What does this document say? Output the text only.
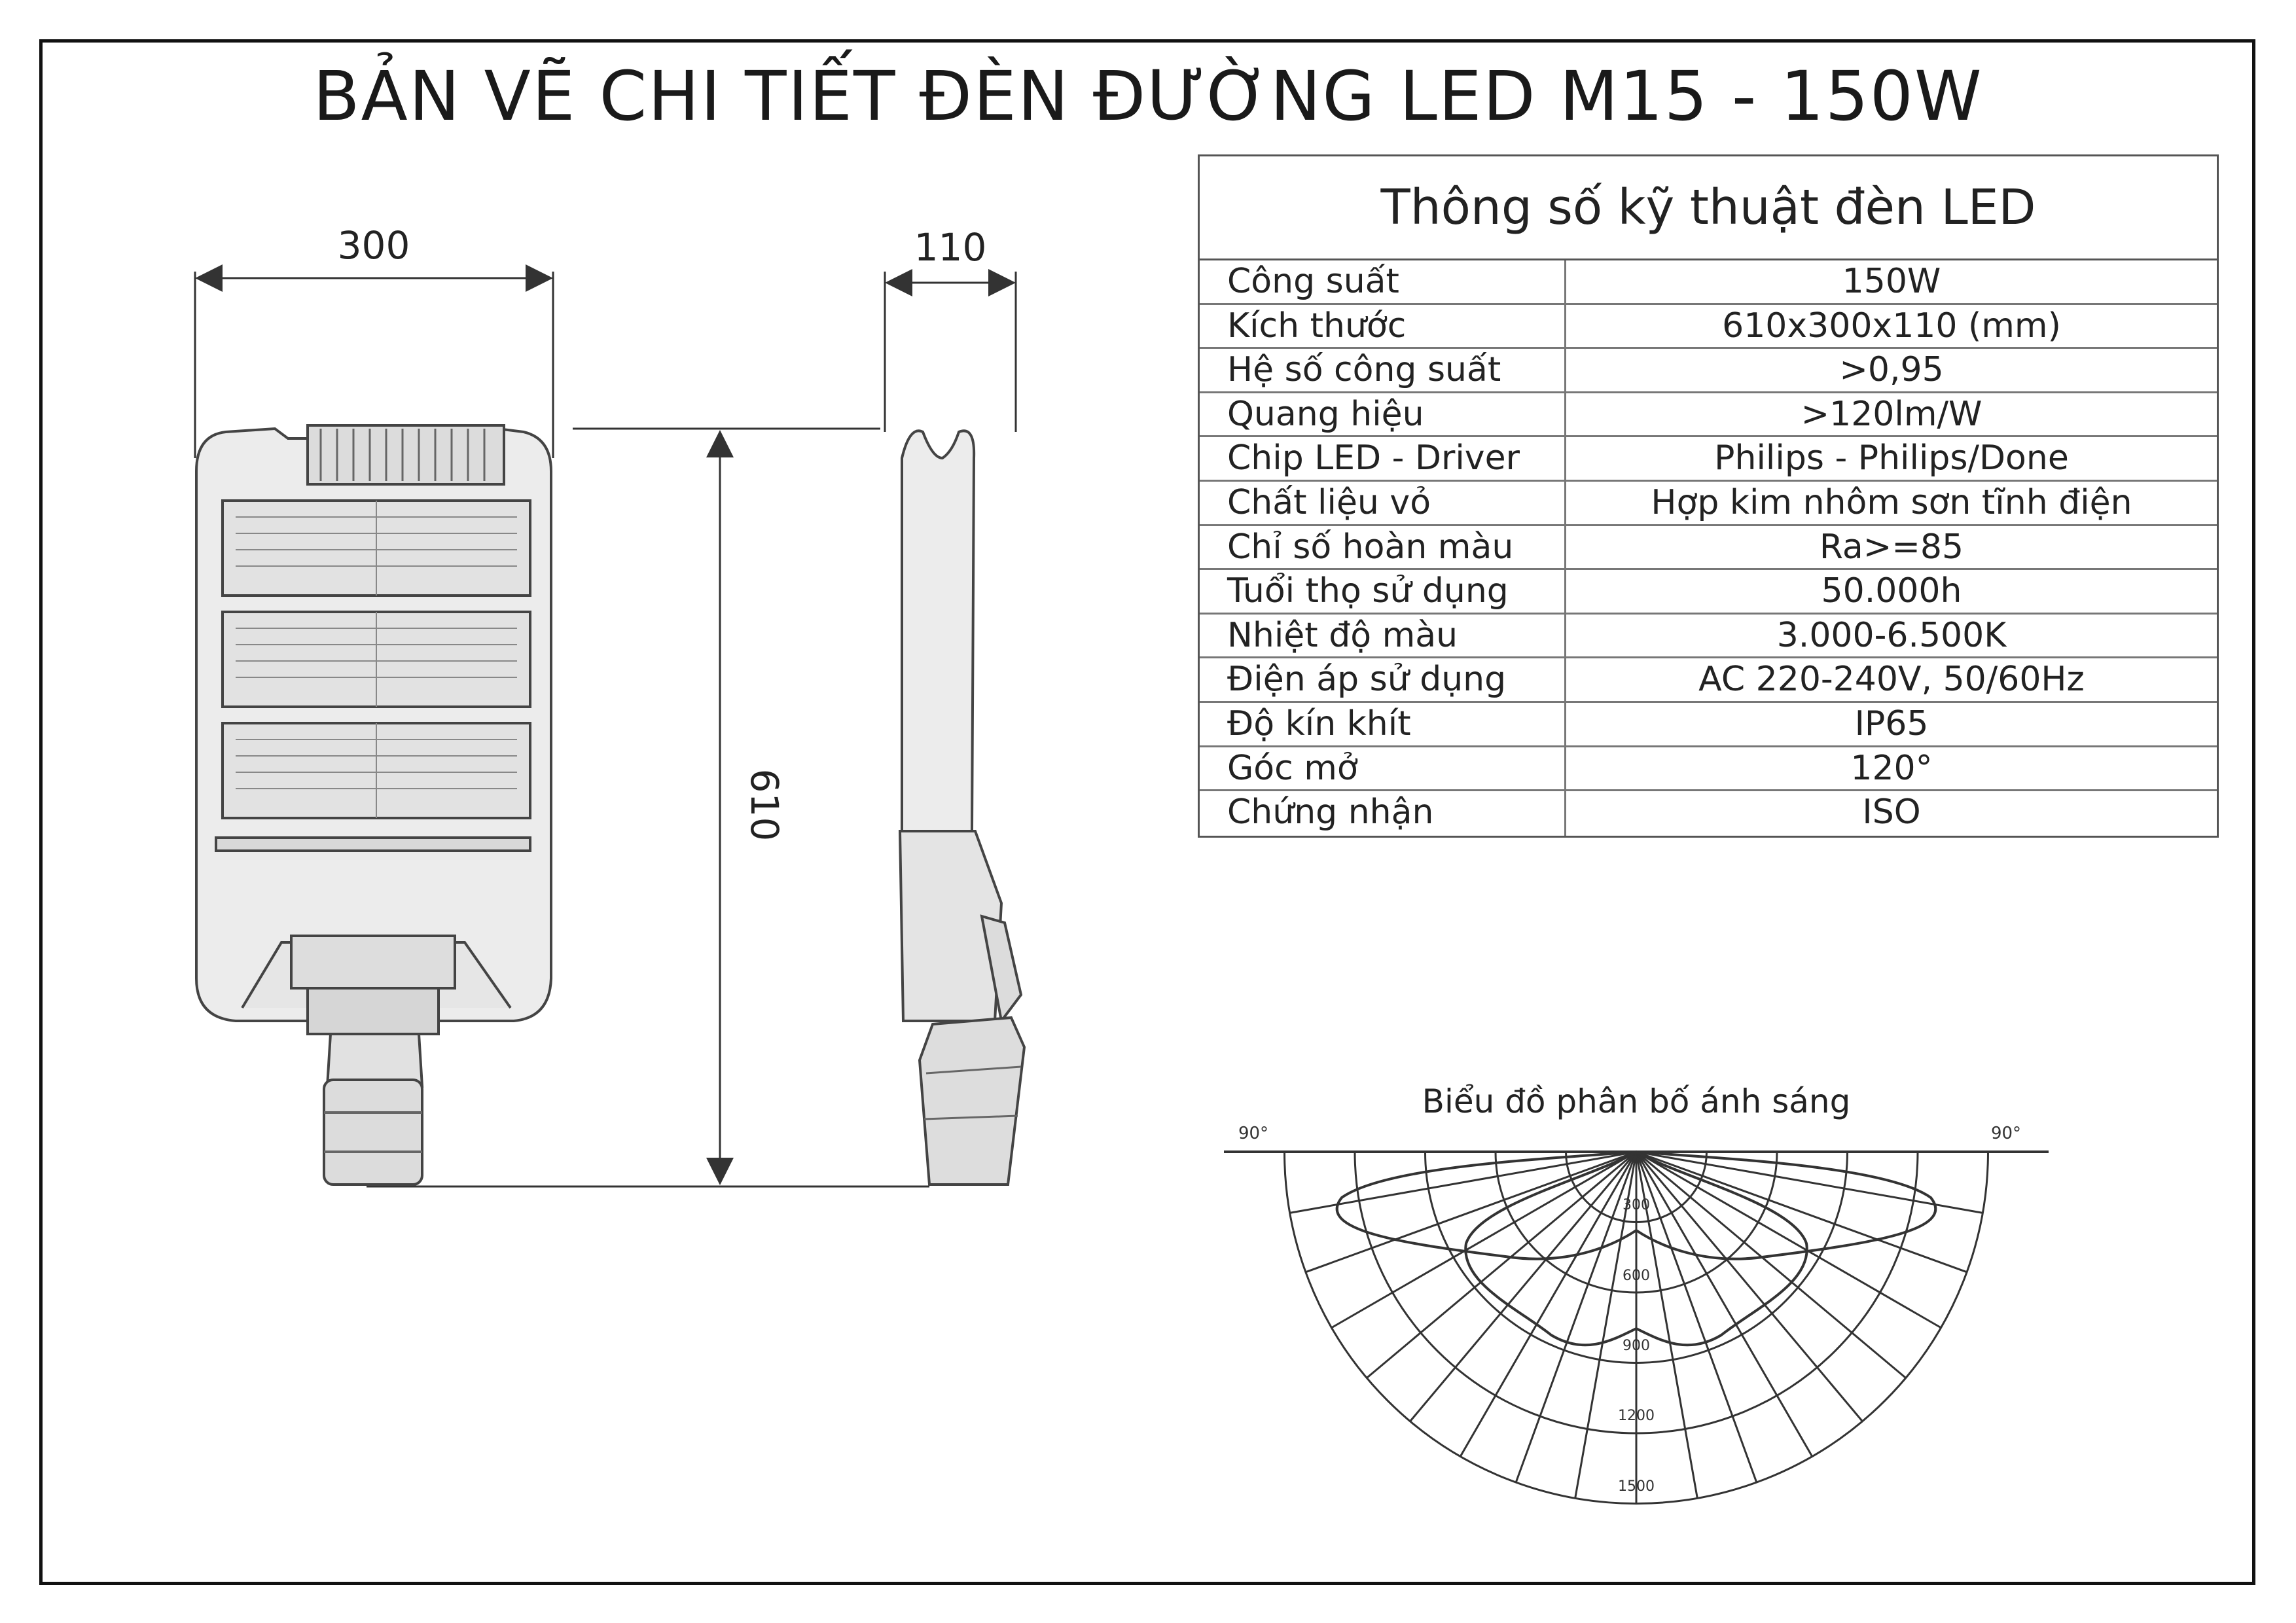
BẢN VẼ CHI TIẾT ĐÈN ĐƯỜNG LED M15 - 150W
300	110
610
Thông số kỹ thuật đèn LED
Công suất	150W
Kích thước	610x300x110 (mm)
Hệ số công suất	>0,95
Quang hiệu	>120lm/W
Chip LED - Driver	Philips - Philips/Done
Chất liệu vỏ	Hợp kim nhôm sơn tĩnh điện
Chỉ số hoàn màu	Ra>=85
Tuổi thọ sử dụng	50.000h
Nhiệt độ màu	3.000-6.500K
Điện áp sử dụng	AC 220-240V, 50/60Hz
Độ kín khít	IP65
Góc mở	120°
Chứng nhận	ISO
Biểu đồ phân bố ánh sáng
90°	90°
300
600
900
1200
1500
